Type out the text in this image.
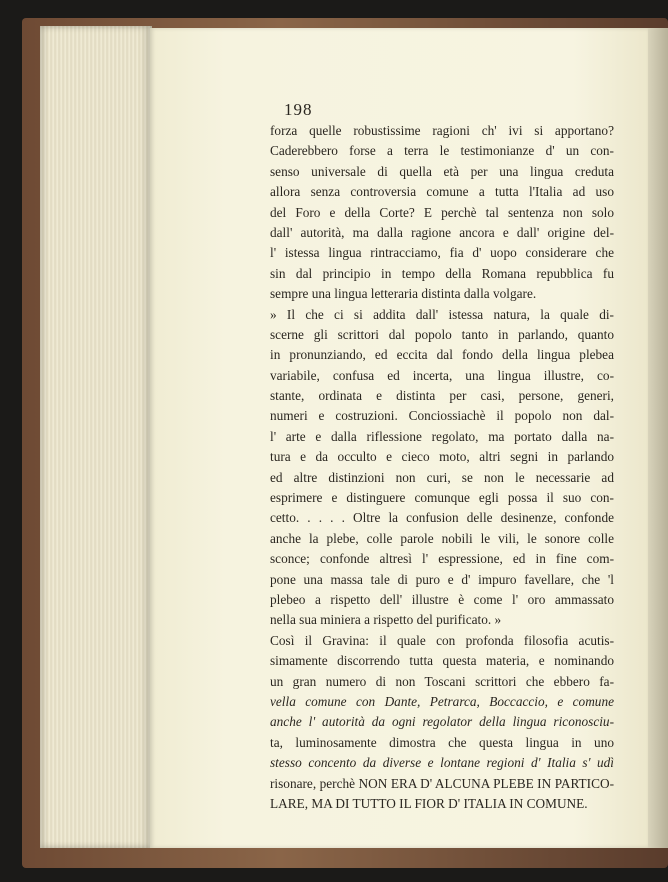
198
forza quelle robustissime ragioni ch' ivi si apportano?
Caderebbero forse a terra le testimonianze d' un con-
senso universale di quella età per una lingua creduta
allora senza controversia comune a tutta l'Italia ad uso
del Foro e della Corte? E perchè tal sentenza non solo
dall' autorità, ma dalla ragione ancora e dall' origine del-
l' istessa lingua rintracciamo, fia d' uopo considerare che
sin dal principio in tempo della Romana repubblica fu
sempre una lingua letteraria distinta dalla volgare.
» Il che ci si addita dall' istessa natura, la quale di-
scerne gli scrittori dal popolo tanto in parlando, quanto
in pronunziando, ed eccita dal fondo della lingua plebea
variabile, confusa ed incerta, una lingua illustre, co-
stante, ordinata e distinta per casi, persone, generi,
numeri e costruzioni. Conciossiachè il popolo non dal-
l' arte e dalla riflessione regolato, ma portato dalla na-
tura e da occulto e cieco moto, altri segni in parlando
ed altre distinzioni non curi, se non le necessarie ad
esprimere e distinguere comunque egli possa il suo con-
cetto. . . . . Oltre la confusion delle desinenze, confonde
anche la plebe, colle parole nobili le vili, le sonore colle
sconce; confonde altresì l' espressione, ed in fine com-
pone una massa tale di puro e d' impuro favellare, che 'l
plebeo a rispetto dell' illustre è come l' oro ammassato
nella sua miniera a rispetto del purificato. »
Così il Gravina: il quale con profonda filosofia acutis-
simamente discorrendo tutta questa materia, e nominando
un gran numero di non Toscani scrittori che ebbero fa-
vella comune con Dante, Petrarca, Boccaccio, e comune
anche l' autorità da ogni regolator della lingua riconosciu-
ta, luminosamente dimostra che questa lingua in uno
stesso concento da diverse e lontane regioni d' Italia s' udì
risonare, perchè NON ERA D' ALCUNA PLEBE IN PARTICO-
LARE, MA DI TUTTO IL FIOR D' ITALIA IN COMUNE.
